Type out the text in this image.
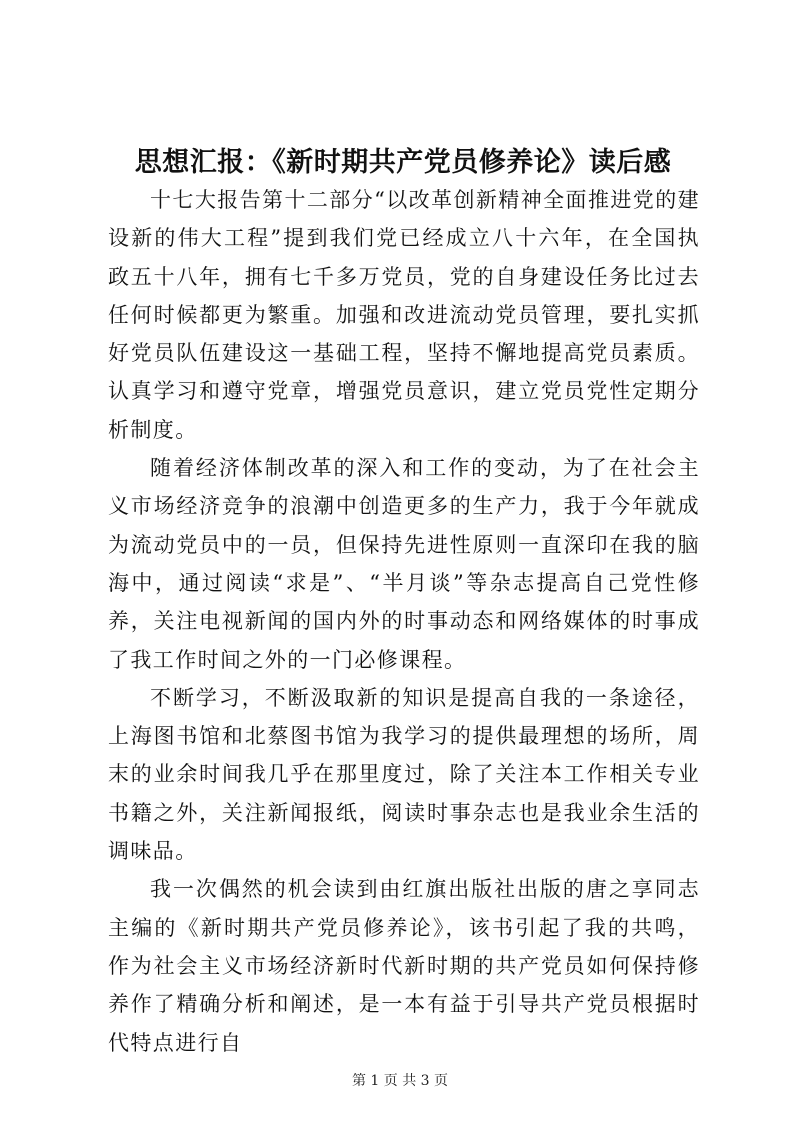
思想汇报：《新时期共产党员修养论》读后感

十七大报告第十二部分“以改革创新精神全面推进党的建设新的伟大工程”提到我们党已经成立八十六年，在全国执政五十八年，拥有七千多万党员，党的自身建设任务比过去任何时候都更为繁重。加强和改进流动党员管理，要扎实抓好党员队伍建设这一基础工程，坚持不懈地提高党员素质。认真学习和遵守党章，增强党员意识，建立党员党性定期分析制度。

随着经济体制改革的深入和工作的变动，为了在社会主义市场经济竞争的浪潮中创造更多的生产力，我于今年就成为流动党员中的一员，但保持先进性原则一直深印在我的脑海中，通过阅读“求是”、“半月谈”等杂志提高自己党性修养，关注电视新闻的国内外的时事动态和网络媒体的时事成了我工作时间之外的一门必修课程。

不断学习，不断汲取新的知识是提高自我的一条途径，上海图书馆和北蔡图书馆为我学习的提供最理想的场所，周末的业余时间我几乎在那里度过，除了关注本工作相关专业书籍之外，关注新闻报纸，阅读时事杂志也是我业余生活的调味品。

我一次偶然的机会读到由红旗出版社出版的唐之享同志主编的《新时期共产党员修养论》，该书引起了我的共鸣，作为社会主义市场经济新时代新时期的共产党员如何保持修养作了精确分析和阐述，是一本有益于引导共产党员根据时代特点进行自

第 1 页 共 3 页
